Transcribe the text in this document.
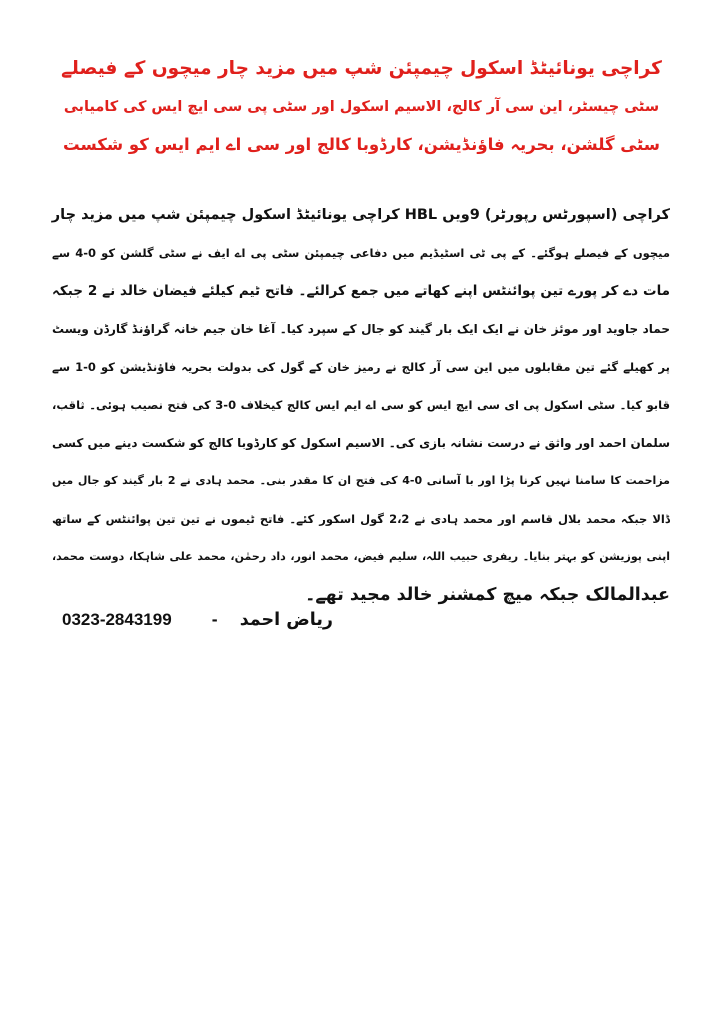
کراچی یونائیٹڈ اسکول چیمپئن شپ میں مزید چار میچوں کے فیصلے
سٹی چیسٹر، این سی آر کالج، الاسیم اسکول اور سٹی پی سی ایچ ایس کی کامیابی
سٹی گلشن، بحریہ فاؤنڈیشن، کارڈوبا کالج اور سی اے ایم ایس کو شکست
کراچی (اسپورٹس رپورٹر) 9ویں HBL کراچی یونائیٹڈ اسکول چیمپئن شپ میں مزید چار
میچوں کے فیصلے ہوگئے۔ کے پی ٹی اسٹیڈیم میں دفاعی چیمپئن سٹی پی اے ایف نے سٹی گلشن کو 0-4 سے
مات دے کر پورے تین پوائنٹس اپنے کھاتے میں جمع کرالئے۔ فاتح ٹیم کیلئے فیضان خالد نے 2 جبکہ
حماد جاوید اور موئز خان نے ایک ایک بار گیند کو جال کے سپرد کیا۔ آغا خان جیم خانہ گراؤنڈ گارڈن ویسٹ
پر کھیلے گئے تین مقابلوں میں این سی آر کالج نے رمیز خان کے گول کی بدولت بحریہ فاؤنڈیشن کو 0-1 سے
قابو کیا۔ سٹی اسکول پی ای سی ایچ ایس کو سی اے ایم ایس کالج کیخلاف 0-3 کی فتح نصیب ہوئی۔ ثاقب،
سلمان احمد اور واثق نے درست نشانہ بازی کی۔ الاسیم اسکول کو کارڈوبا کالج کو شکست دینے میں کسی
مزاحمت کا سامنا نہیں کرنا پڑا اور با آسانی 0-4 کی فتح ان کا مقدر بنی۔ محمد ہادی نے 2 بار گیند کو جال میں
ڈالا جبکہ محمد بلال قاسم اور محمد ہادی نے 2،2 گول اسکور کئے۔ فاتح ٹیموں نے تین تین پوائنٹس کے ساتھ
اپنی پوزیشن کو بہتر بنایا۔ ریفری حبیب اللہ، سلیم فیض، محمد انور، داد رحمٰن، محمد علی شاہکا، دوست محمد،
عبدالمالک جبکہ میچ کمشنر خالد مجید تھے۔
ریاض احمد - 0323-2843199
